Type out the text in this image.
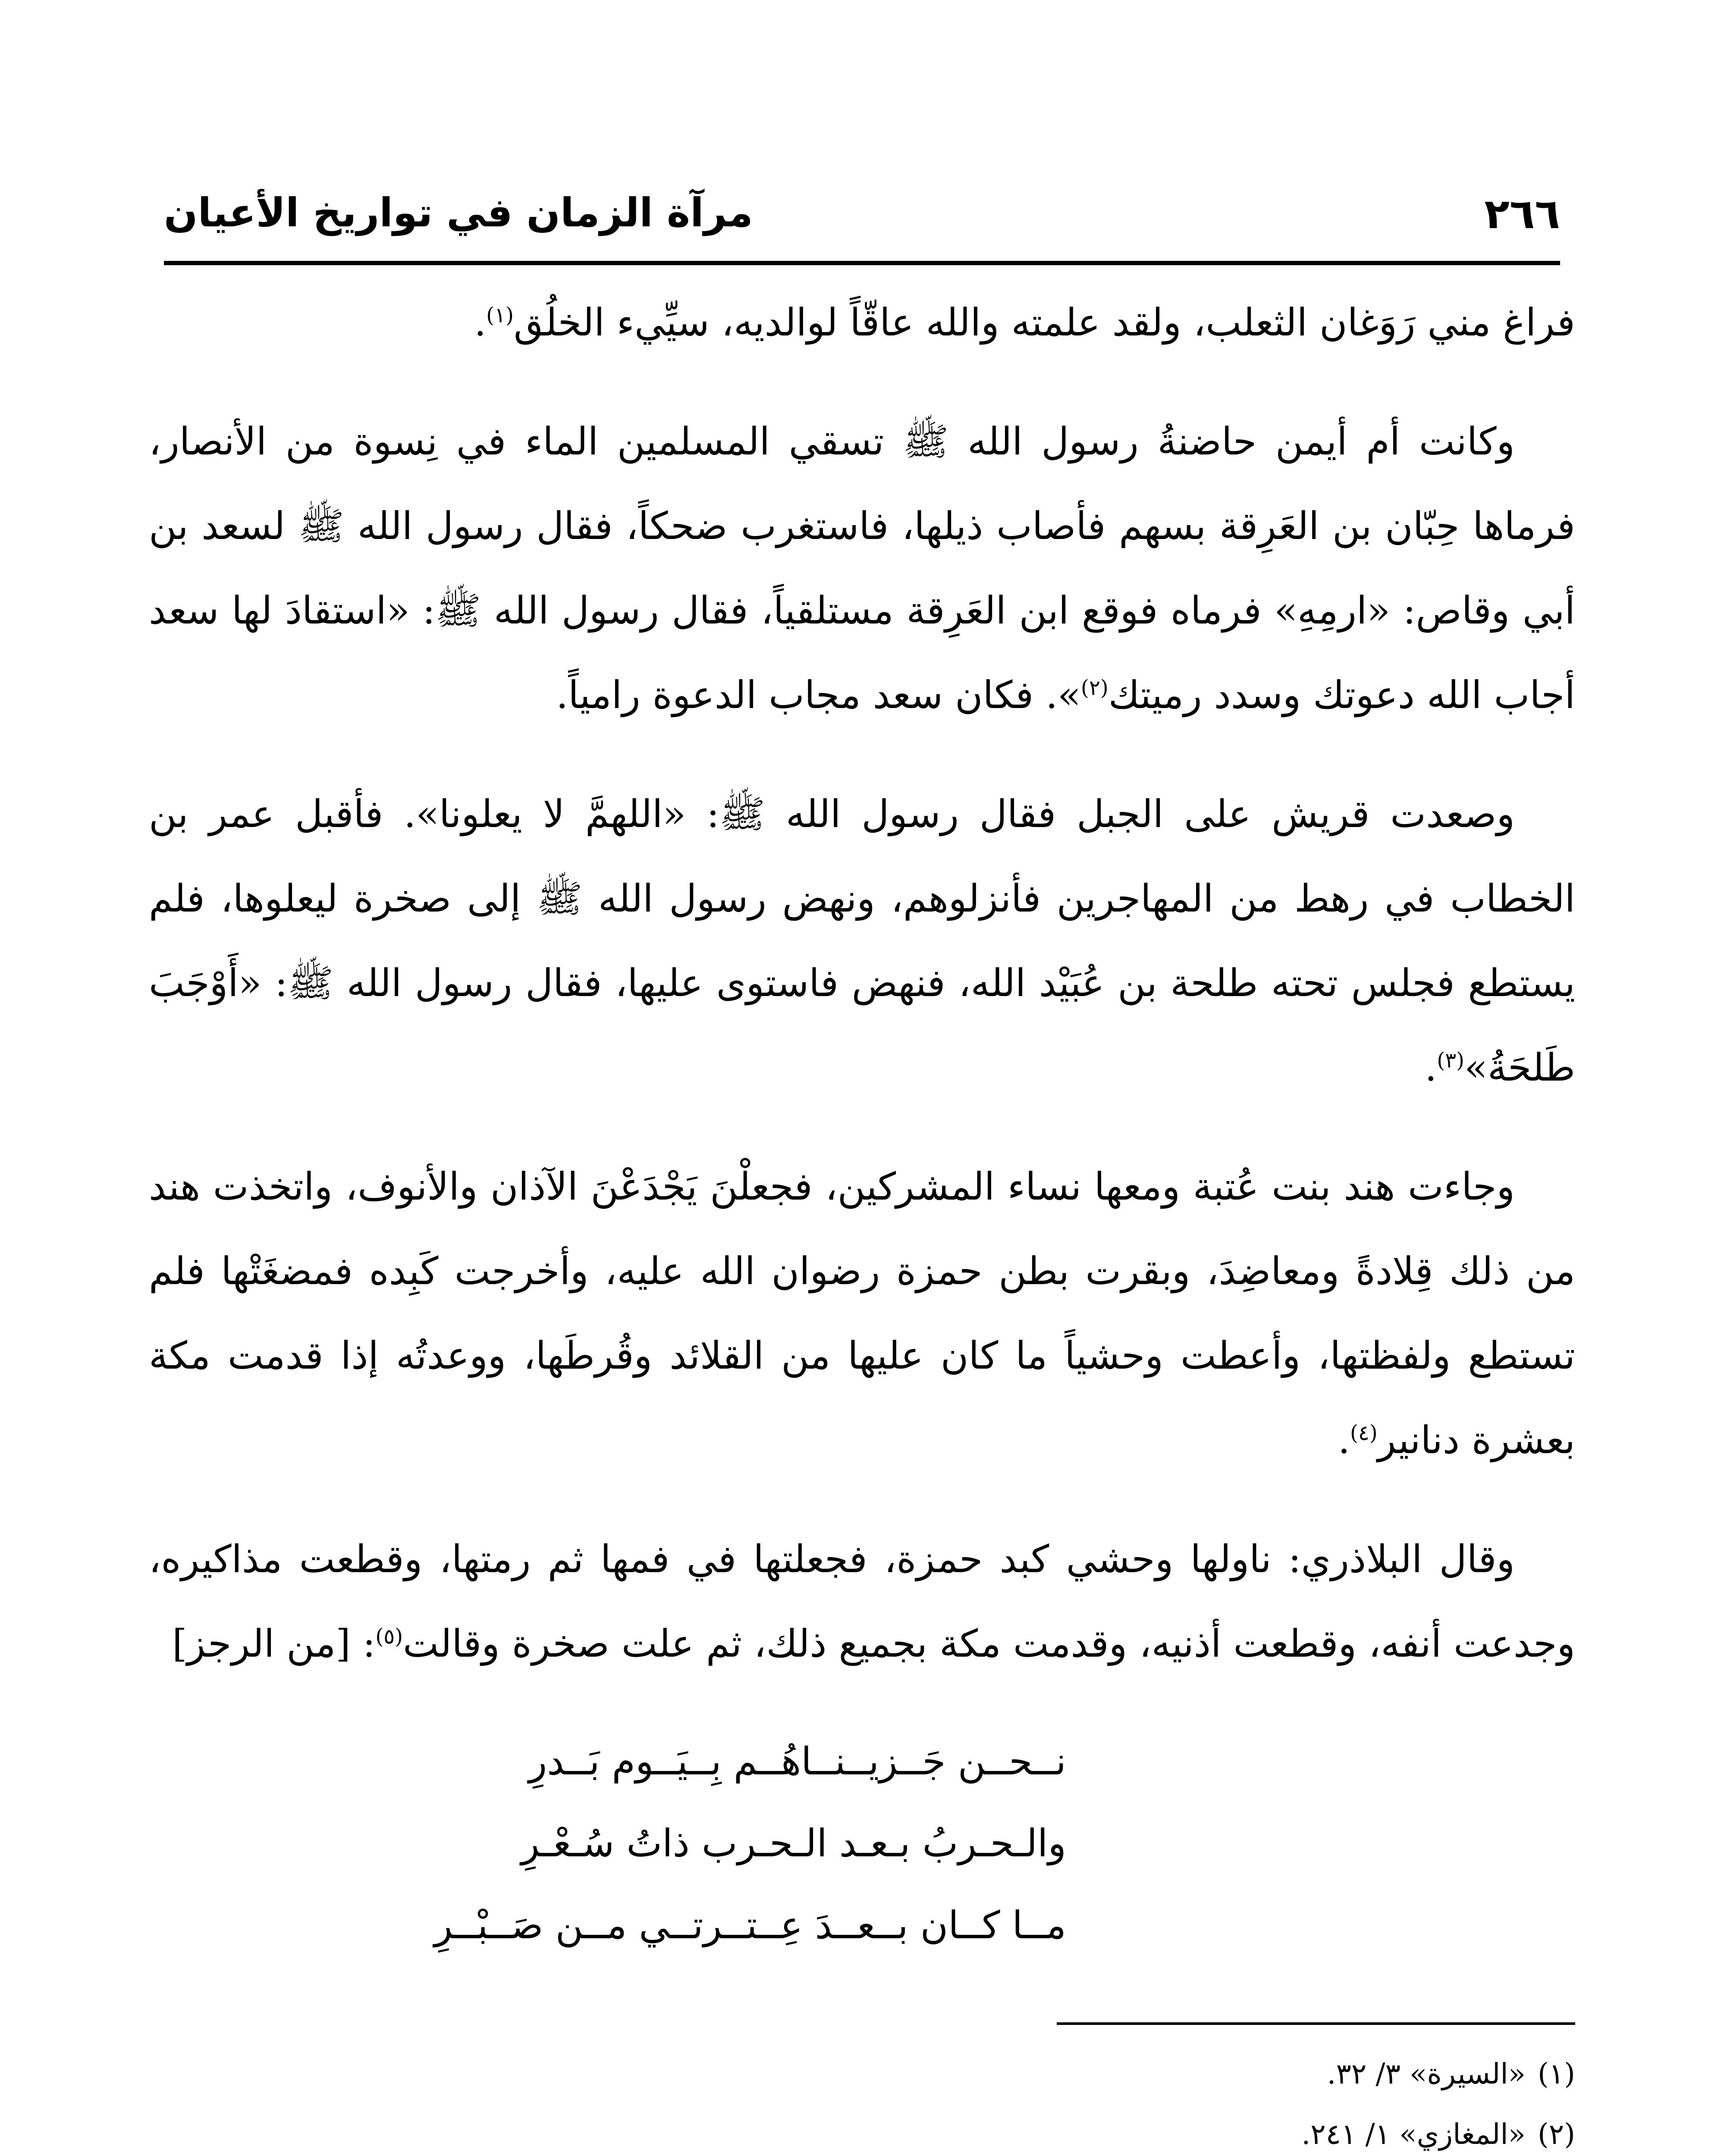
٢٦٦
مرآة الزمان في تواريخ الأعيان

فراغ مني رَوَغان الثعلب، ولقد علمته والله عاقّاً لوالديه، سيِّيء الخلُق$^{(١)}$.

وكانت أم أيمن حاضنةُ رسول الله ﷺ تسقي المسلمين الماء في نِسوة من الأنصار، فرماها حِبّان بن العَرِقة بسهم فأصاب ذيلها، فاستغرب ضحكاً، فقال رسول الله ﷺ لسعد بن أبي وقاص: «ارمِهِ» فرماه فوقع ابن العَرِقة مستلقياً، فقال رسول الله ﷺ: «استقادَ لها سعد أجاب الله دعوتك وسدد رميتك$^{(٢)}$». فكان سعد مجاب الدعوة رامياً.

وصعدت قريش على الجبل فقال رسول الله ﷺ: «اللهمَّ لا يعلونا». فأقبل عمر بن الخطاب في رهط من المهاجرين فأنزلوهم، ونهض رسول الله ﷺ إلى صخرة ليعلوها، فلم يستطع فجلس تحته طلحة بن عُبَيْد الله، فنهض فاستوى عليها، فقال رسول الله ﷺ: «أَوْجَبَ طَلحَةُ»$^{(٣)}$.

وجاءت هند بنت عُتبة ومعها نساء المشركين، فجعلْنَ يَجْدَعْنَ الآذان والأنوف، واتخذت هند من ذلك قِلادةً ومعاضِدَ، وبقرت بطن حمزة رضوان الله عليه، وأخرجت كَبِده فمضغَتْها فلم تستطع ولفظتها، وأعطت وحشياً ما كان عليها من القلائد وقُرطَها، ووعدتُه إذا قدمت مكة بعشرة دنانير$^{(٤)}$.

وقال البلاذري: ناولها وحشي كبد حمزة، فجعلتها في فمها ثم رمتها، وقطعت مذاكيره، وجدعت أنفه، وقطعت أذنيه، وقدمت مكة بجميع ذلك، ثم علت صخرة وقالت$^{(٥)}$: [من الرجز]

نــحــن جَــزيــنــاهُــم بِــيَــوم بَــدرِ
والـحـربُ بـعـد الـحـرب ذاتُ سُـعْـرِ
مــا كــان بــعــدَ عِــتــرتــي مــن صَــبْــرِ
(١)«السيرة» ٣/ ٣٢.
(٢)«المغازي» ١/ ٢٤١.
